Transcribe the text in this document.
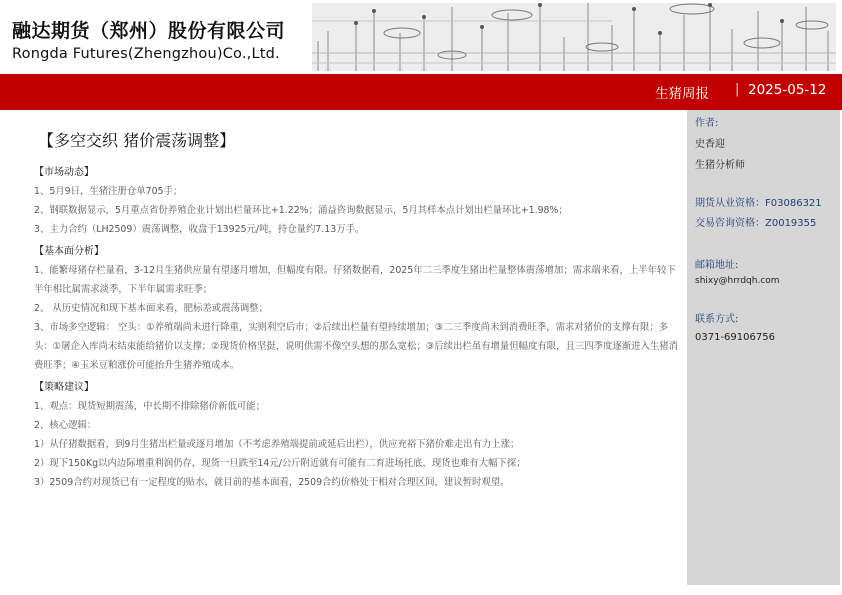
融达期货（郑州）股份有限公司
Rongda Futures(Zhengzhou)Co.,Ltd.
生猪周报 | 2025-05-12
【多空交织 猪价震荡调整】
【市场动态】
1、5月9日，生猪注册仓单705手；
2、钢联数据显示，5月重点省份养殖企业计划出栏量环比+1.22%；涌益咨询数据显示，5月其样本点计划出栏量环比+1.98%；
3、主力合约（LH2509）震荡调整，收盘于13925元/吨，持仓量约7.13万手。
【基本面分析】
1、能繁母猪存栏量看，3-12月生猪供应量有望逐月增加，但幅度有限。仔猪数据看，2025年二三季度生猪出栏量整体震荡增加；需求端来看，上半年较下半年相比属需求淡季，下半年属需求旺季；
2、 从历史情况和现下基本面来看，肥标差或震荡调整；
3、市场多空逻辑： 空头：①养殖端尚未进行降重，实则利空后市；②后续出栏量有望持续增加；③二三季度尚未到消费旺季，需求对猪价的支撑有限；多头：①屠企入库尚未结束能给猪价以支撑；②现货价格坚挺，说明供需不像空头想的那么宽松；③后续出栏虽有增量但幅度有限，且三四季度逐渐进入生猪消费旺季；④玉米豆粕涨价可能抬升生猪养殖成本。
【策略建议】
1、观点：现货短期震荡，中长期不排除猪价新低可能；
2、核心逻辑：
1）从仔猪数据看，到9月生猪出栏量或逐月增加（不考虑养殖端提前或延后出栏），供应充裕下猪价难走出有力上涨；
2）现下150Kg以内边际增重利润仍存，现货一旦跌至14元/公斤附近就有可能有二育进场托底，现货也难有大幅下探；
3）2509合约对现货已有一定程度的贴水，就目前的基本面看，2509合约价格处于相对合理区间，建议暂时观望。
作者:
史香迎
生猪分析师
期货从业资格：F03086321
交易咨询资格：Z0019355
邮箱地址:
shixy@hrrdqh.com
联系方式:
0371-69106756
